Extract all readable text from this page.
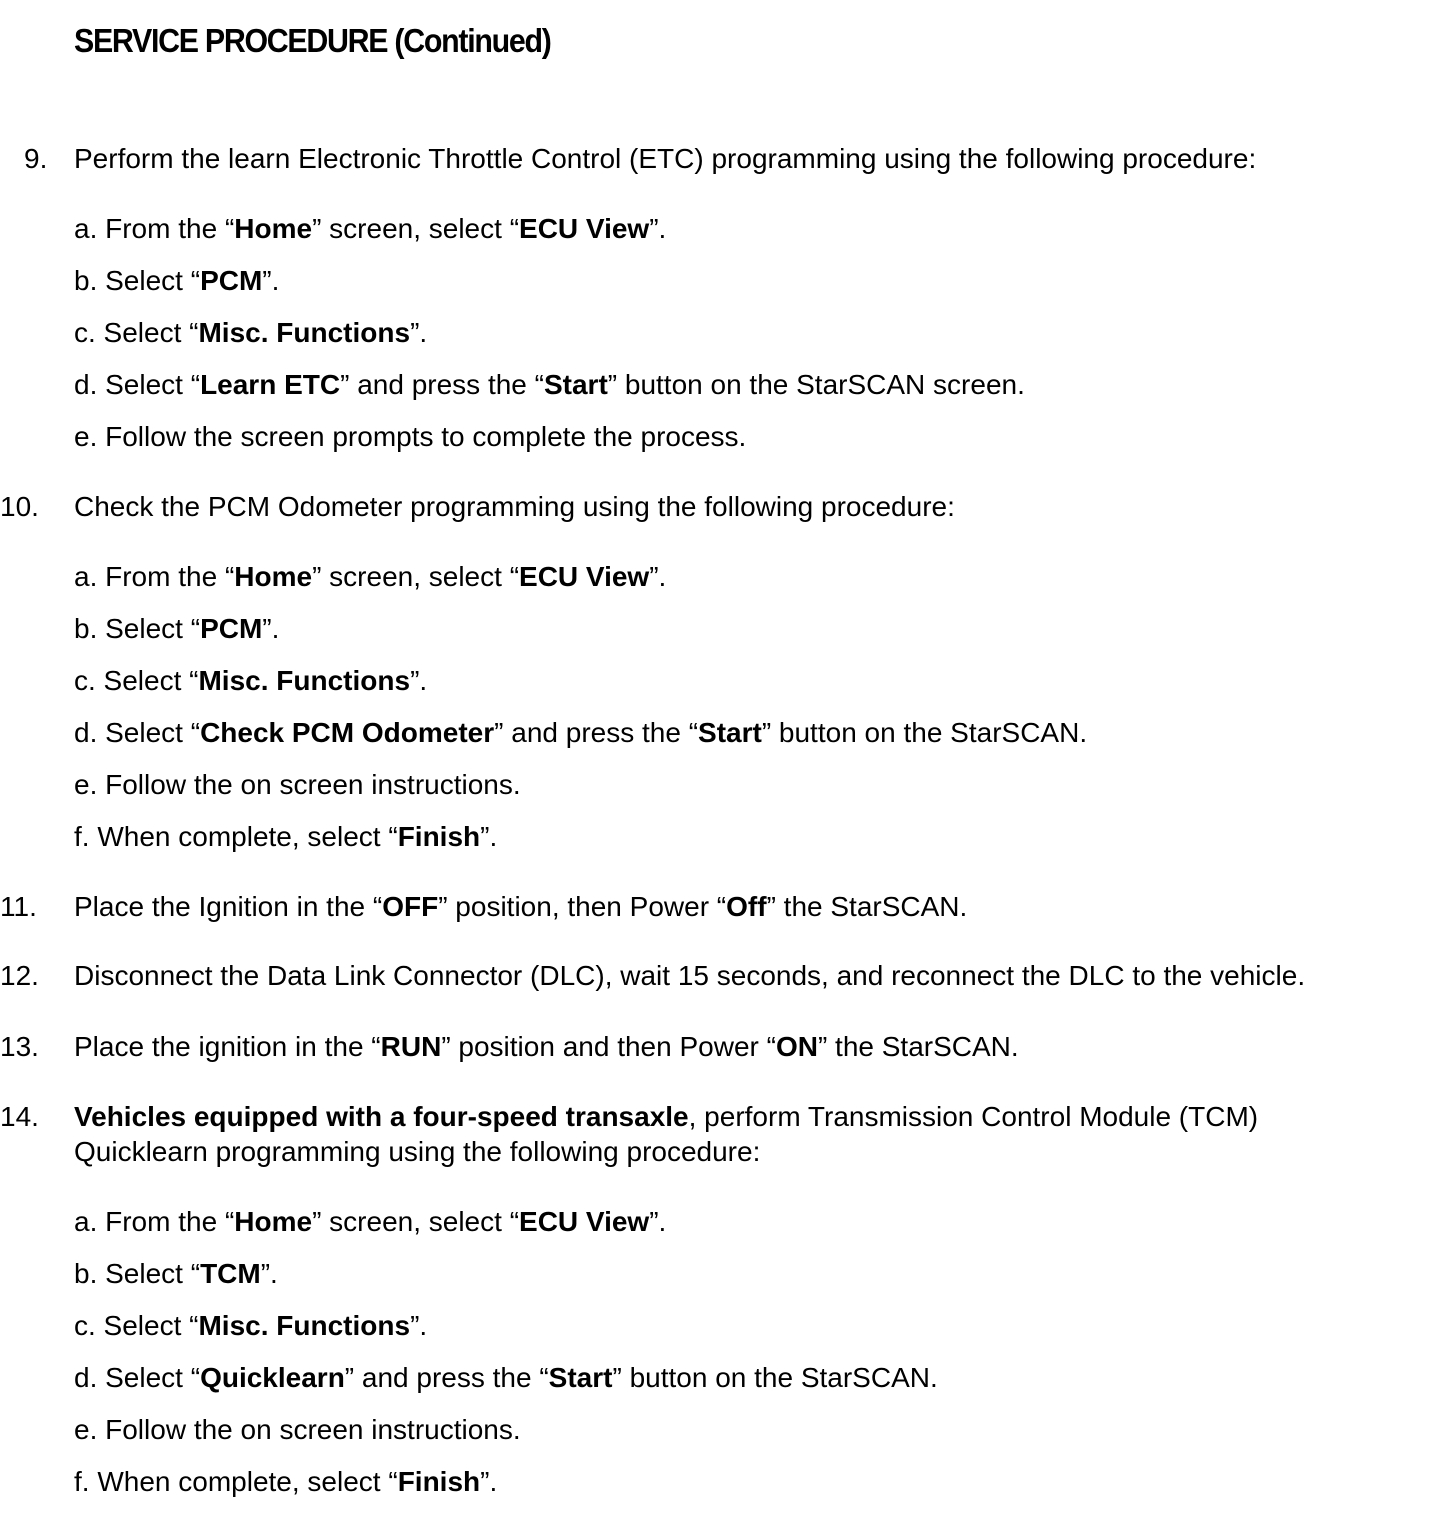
SERVICE PROCEDURE (Continued)
9. Perform the learn Electronic Throttle Control (ETC) programming using the following procedure:
a. From the “Home” screen, select “ECU View”.
b. Select “PCM”.
c. Select “Misc. Functions”.
d. Select “Learn ETC” and press the “Start” button on the StarSCAN screen.
e. Follow the screen prompts to complete the process.
10. Check the PCM Odometer programming using the following procedure:
a. From the “Home” screen, select “ECU View”.
b. Select “PCM”.
c. Select “Misc. Functions”.
d. Select “Check PCM Odometer” and press the “Start” button on the StarSCAN.
e. Follow the on screen instructions.
f. When complete, select “Finish”.
11. Place the Ignition in the “OFF” position, then Power “Off” the StarSCAN.
12. Disconnect the Data Link Connector (DLC), wait 15 seconds, and reconnect the DLC to the vehicle.
13. Place the ignition in the “RUN” position and then Power “ON” the StarSCAN.
14. Vehicles equipped with a four-speed transaxle, perform Transmission Control Module (TCM)
Quicklearn programming using the following procedure:
a. From the “Home” screen, select “ECU View”.
b. Select “TCM”.
c. Select “Misc. Functions”.
d. Select “Quicklearn” and press the “Start” button on the StarSCAN.
e. Follow the on screen instructions.
f. When complete, select “Finish”.
